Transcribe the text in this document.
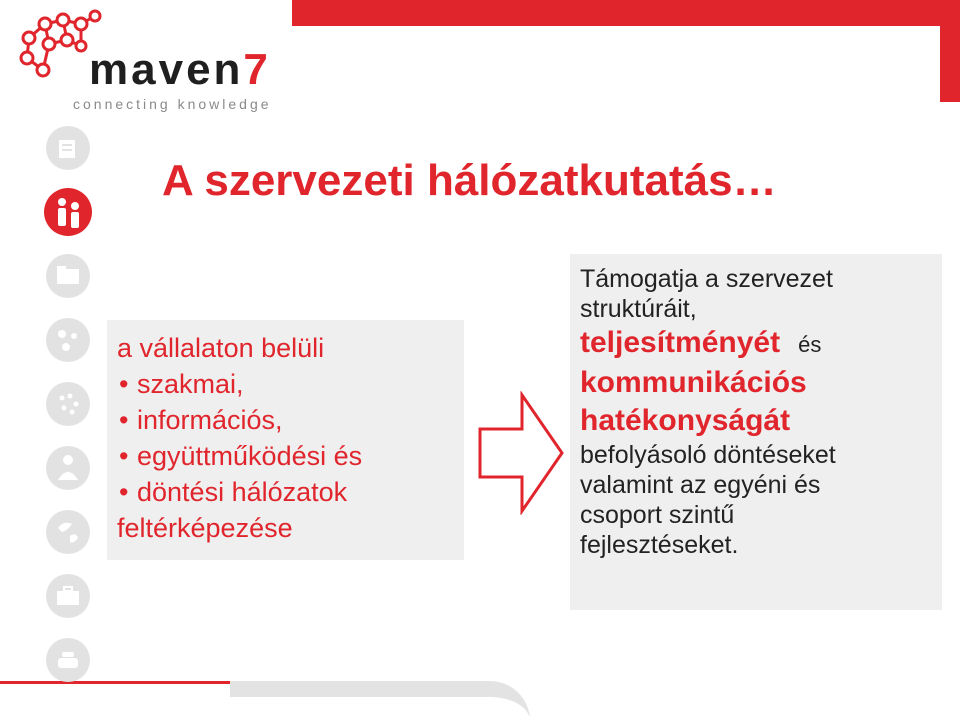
maven7
connecting knowledge
A szervezeti hálózatkutatás…
a vállalaton belüli
• szakmai,
• információs,
• együttműködési és
• döntési hálózatok
feltérképezése
Támogatja a szervezet
struktúráit,
teljesítményét és
kommunikációs
hatékonyságát
befolyásoló döntéseket
valamint az egyéni és
csoport szintű
fejlesztéseket.
